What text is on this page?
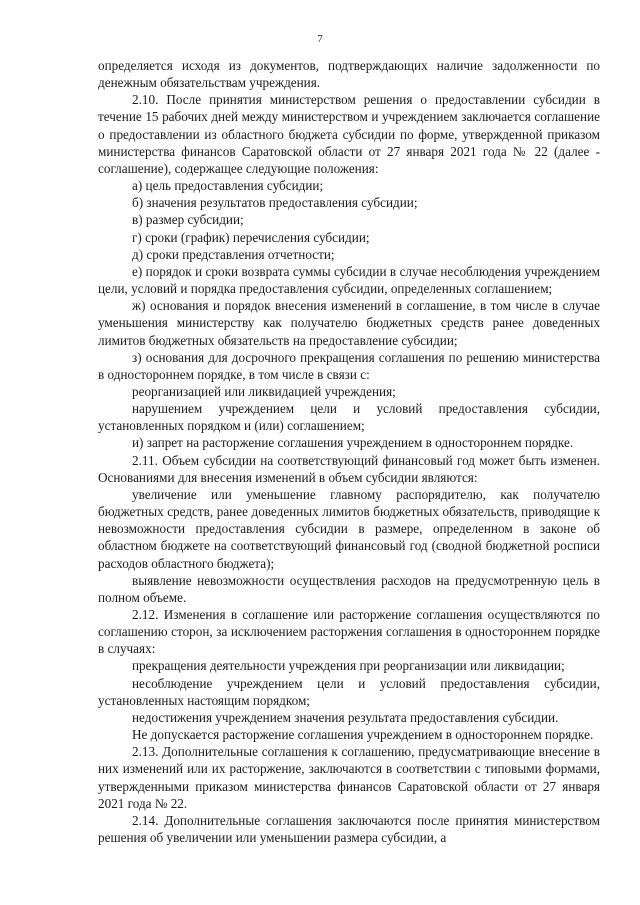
7

определяется исходя из документов, подтверждающих наличие задолженности по денежным обязательствам учреждения.

2.10. После принятия министерством решения о предоставлении субсидии в течение 15 рабочих дней между министерством и учреждением заключается соглашение о предоставлении из областного бюджета субсидии по форме, утвержденной приказом министерства финансов Саратовской области от 27 января 2021 года № 22 (далее - соглашение), содержащее следующие положения:

а) цель предоставления субсидии;

б) значения результатов предоставления субсидии;

в) размер субсидии;

г) сроки (график) перечисления субсидии;

д) сроки представления отчетности;

е) порядок и сроки возврата суммы субсидии в случае несоблюдения учреждением цели, условий и порядка предоставления субсидии, определенных соглашением;

ж) основания и порядок внесения изменений в соглашение, в том числе в случае уменьшения министерству как получателю бюджетных средств ранее доведенных лимитов бюджетных обязательств на предоставление субсидии;

з) основания для досрочного прекращения соглашения по решению министерства в одностороннем порядке, в том числе в связи с:

реорганизацией или ликвидацией учреждения;

нарушением учреждением цели и условий предоставления субсидии, установленных порядком и (или) соглашением;

и) запрет на расторжение соглашения учреждением в одностороннем порядке.

2.11. Объем субсидии на соответствующий финансовый год может быть изменен. Основаниями для внесения изменений в объем субсидии являются:

увеличение или уменьшение главному распорядителю, как получателю бюджетных средств, ранее доведенных лимитов бюджетных обязательств, приводящие к невозможности предоставления субсидии в размере, определенном в законе об областном бюджете на соответствующий финансовый год (сводной бюджетной росписи расходов областного бюджета);

выявление невозможности осуществления расходов на предусмотренную цель в полном объеме.

2.12. Изменения в соглашение или расторжение соглашения осуществляются по соглашению сторон, за исключением расторжения соглашения в одностороннем порядке в случаях:

прекращения деятельности учреждения при реорганизации или ликвидации;

несоблюдение учреждением цели и условий предоставления субсидии, установленных настоящим порядком;

недостижения учреждением значения результата предоставления субсидии.

Не допускается расторжение соглашения учреждением в одностороннем порядке.

2.13. Дополнительные соглашения к соглашению, предусматривающие внесение в них изменений или их расторжение, заключаются в соответствии с типовыми формами, утвержденными приказом министерства финансов Саратовской области от 27 января 2021 года № 22.

2.14. Дополнительные соглашения заключаются после принятия министерством решения об увеличении или уменьшении размера субсидии, а
